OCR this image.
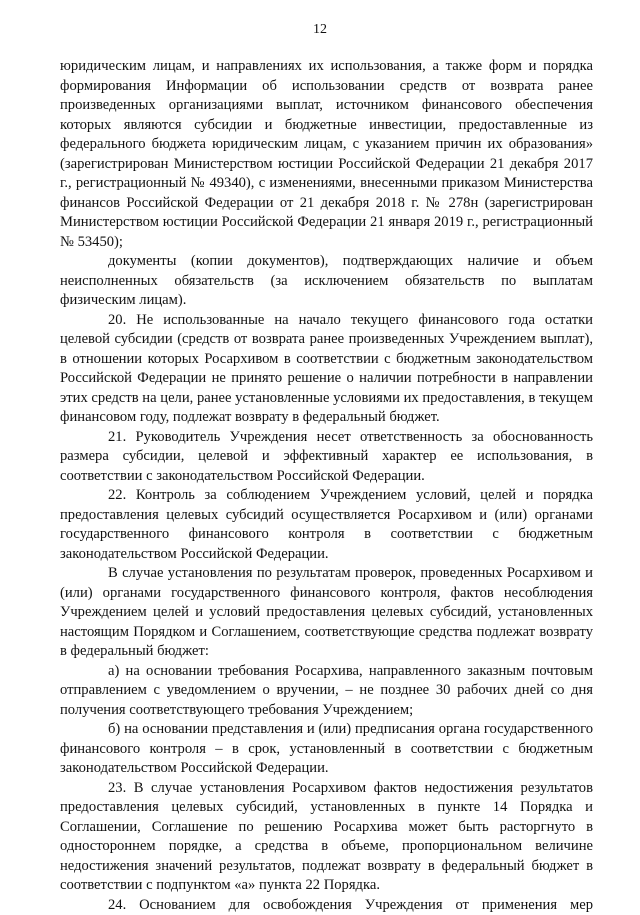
12

юридическим лицам, и направлениях их использования, а также форм и порядка формирования Информации об использовании средств от возврата ранее произведенных организациями выплат, источником финансового обеспечения которых являются субсидии и бюджетные инвестиции, предоставленные из федерального бюджета юридическим лицам, с указанием причин их образования» (зарегистрирован Министерством юстиции Российской Федерации 21 декабря 2017 г., регистрационный № 49340), с изменениями, внесенными приказом Министерства финансов Российской Федерации от 21 декабря 2018 г. № 278н (зарегистрирован Министерством юстиции Российской Федерации 21 января 2019 г., регистрационный № 53450);

документы (копии документов), подтверждающих наличие и объем неисполненных обязательств (за исключением обязательств по выплатам физическим лицам).

20. Не использованные на начало текущего финансового года остатки целевой субсидии (средств от возврата ранее произведенных Учреждением выплат), в отношении которых Росархивом в соответствии с бюджетным законодательством Российской Федерации не принято решение о наличии потребности в направлении этих средств на цели, ранее установленные условиями их предоставления, в текущем финансовом году, подлежат возврату в федеральный бюджет.

21. Руководитель Учреждения несет ответственность за обоснованность размера субсидии, целевой и эффективный характер ее использования, в соответствии с законодательством Российской Федерации.

22. Контроль за соблюдением Учреждением условий, целей и порядка предоставления целевых субсидий осуществляется Росархивом и (или) органами государственного финансового контроля в соответствии с бюджетным законодательством Российской Федерации.

В случае установления по результатам проверок, проведенных Росархивом и (или) органами государственного финансового контроля, фактов несоблюдения Учреждением целей и условий предоставления целевых субсидий, установленных настоящим Порядком и Соглашением, соответствующие средства подлежат возврату в федеральный бюджет:

а) на основании требования Росархива, направленного заказным почтовым отправлением с уведомлением о вручении, – не позднее 30 рабочих дней со дня получения соответствующего требования Учреждением;

б) на основании представления и (или) предписания органа государственного финансового контроля – в срок, установленный в соответствии с бюджетным законодательством Российской Федерации.

23. В случае установления Росархивом фактов недостижения результатов предоставления целевых субсидий, установленных в пункте 14 Порядка и Соглашении, Соглашение по решению Росархива может быть расторгнуто в одностороннем порядке, а средства в объеме, пропорциональном величине недостижения значений результатов, подлежат возврату в федеральный бюджет в соответствии с подпунктом «а» пункта 22 Порядка.

24. Основанием для освобождения Учреждения от применения мер
